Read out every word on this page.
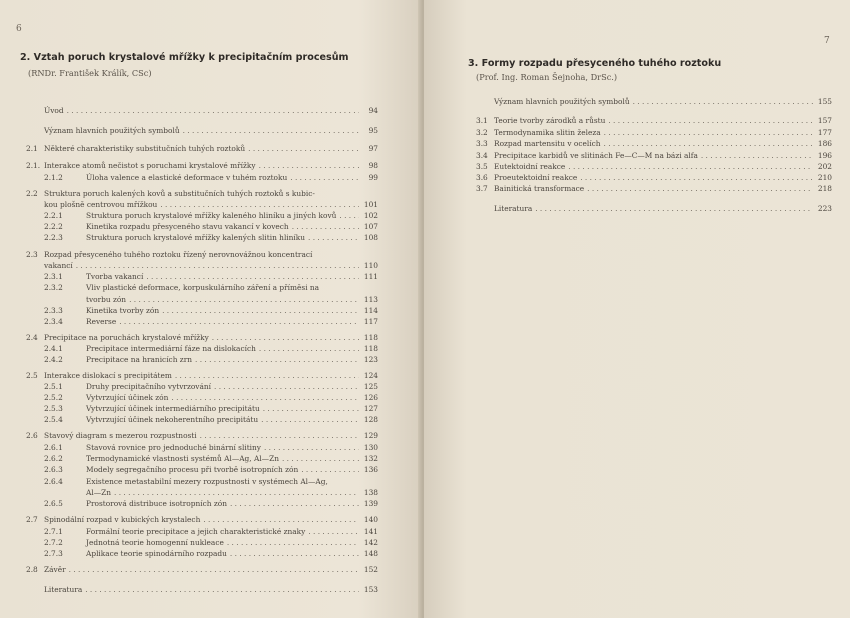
6
2. Vztah poruch krystalové mřížky k precipitačním procesům
(RNDr. František Králík, CSc)
Úvod . . .	94
Význam hlavních použitých symbolů . . .	95
2.1 Některé charakteristiky substitučních tuhých roztoků . . .	97
2.1. Interakce atomů nečistot s poruchami krystalové mřížky . . .	98
2.1.2	Úloha valence a elastické deformace v tuhém roztoku . . .	99
2.2 Struktura poruch kalených kovů a substitučních tuhých roztoků s kubic-
kou plošně centrovou mřížkou . . .	101
2.2.1	Struktura poruch krystalové mřížky kaleného hliníku a jiných kovů . . .	102
2.2.2	Kinetika rozpadu přesyceného stavu vakancí v kovech . . .	107
2.2.3	Struktura poruch krystalové mřížky kalených slitin hliníku . . .	108
2.3 Rozpad přesyceného tuhého roztoku řízený nerovnovážnou koncentrací
vakancí . . .	110
2.3.1	Tvorba vakancí . . .	111
2.3.2	Vliv plastické deformace, korpuskulárního záření a příměsi na
tvorbu zón . . .	113
2.3.3	Kinetika tvorby zón . . .	114
2.3.4	Reverse . . .	117
2.4 Precipitace na poruchách krystalové mřížky . . .	118
2.4.1	Precipitace intermediární fáze na dislokacích . . .	118
2.4.2	Precipitace na hranicích zrn . . .	123
2.5 Interakce dislokací s precipitátem . . .	124
2.5.1	Druhy precipitačního vytvrzování . . .	125
2.5.2	Vytvrzující účinek zón . . .	126
2.5.3	Vytvrzující účinek intermediárního precipitátu . . .	127
2.5.4	Vytvrzující účinek nekoherentního precipitátu . . .	128
2.6 Stavový diagram s mezerou rozpustnosti . . .	129
2.6.1	Stavová rovnice pro jednoduché binární slitiny . . .	130
2.6.2	Termodynamické vlastnosti systémů Al—Ag, Al—Zn . . .	132
2.6.3	Modely segregačního procesu při tvorbě isotropních zón . . .	136
2.6.4	Existence metastabilní mezery rozpustnosti v systémech Al—Ag,
Al—Zn . . .	138
2.6.5	Prostorová distribuce isotropních zón . . .	139
2.7 Spinodální rozpad v kubických krystalech . . .	140
2.7.1	Formální teorie precipitace a jejich charakteristické znaky . . .	141
2.7.2	Jednotná teorie homogenní nukleace . . .	142
2.7.3	Aplikace teorie spinodárního rozpadu . . .	148
2.8 Závěr . . .	152
Literatura . . .	153
7
3. Formy rozpadu přesyceného tuhého roztoku
(Prof. Ing. Roman Šejnoha, DrSc.)
Význam hlavních použitých symbolů . . .	155
3.1 Teorie tvorby zárodků a růstu . . .	157
3.2 Termodynamika slitin železa . . .	177
3.3 Rozpad martensitu v ocelích . . .	186
3.4 Precipitace karbidů ve slitinách Fe—C—M na bázi alfa . . .	196
3.5 Eutektoidní reakce . . .	202
3.6 Proeutektoidní reakce . . .	210
3.7 Bainitická transformace . . .	218
Literatura . . .	223
